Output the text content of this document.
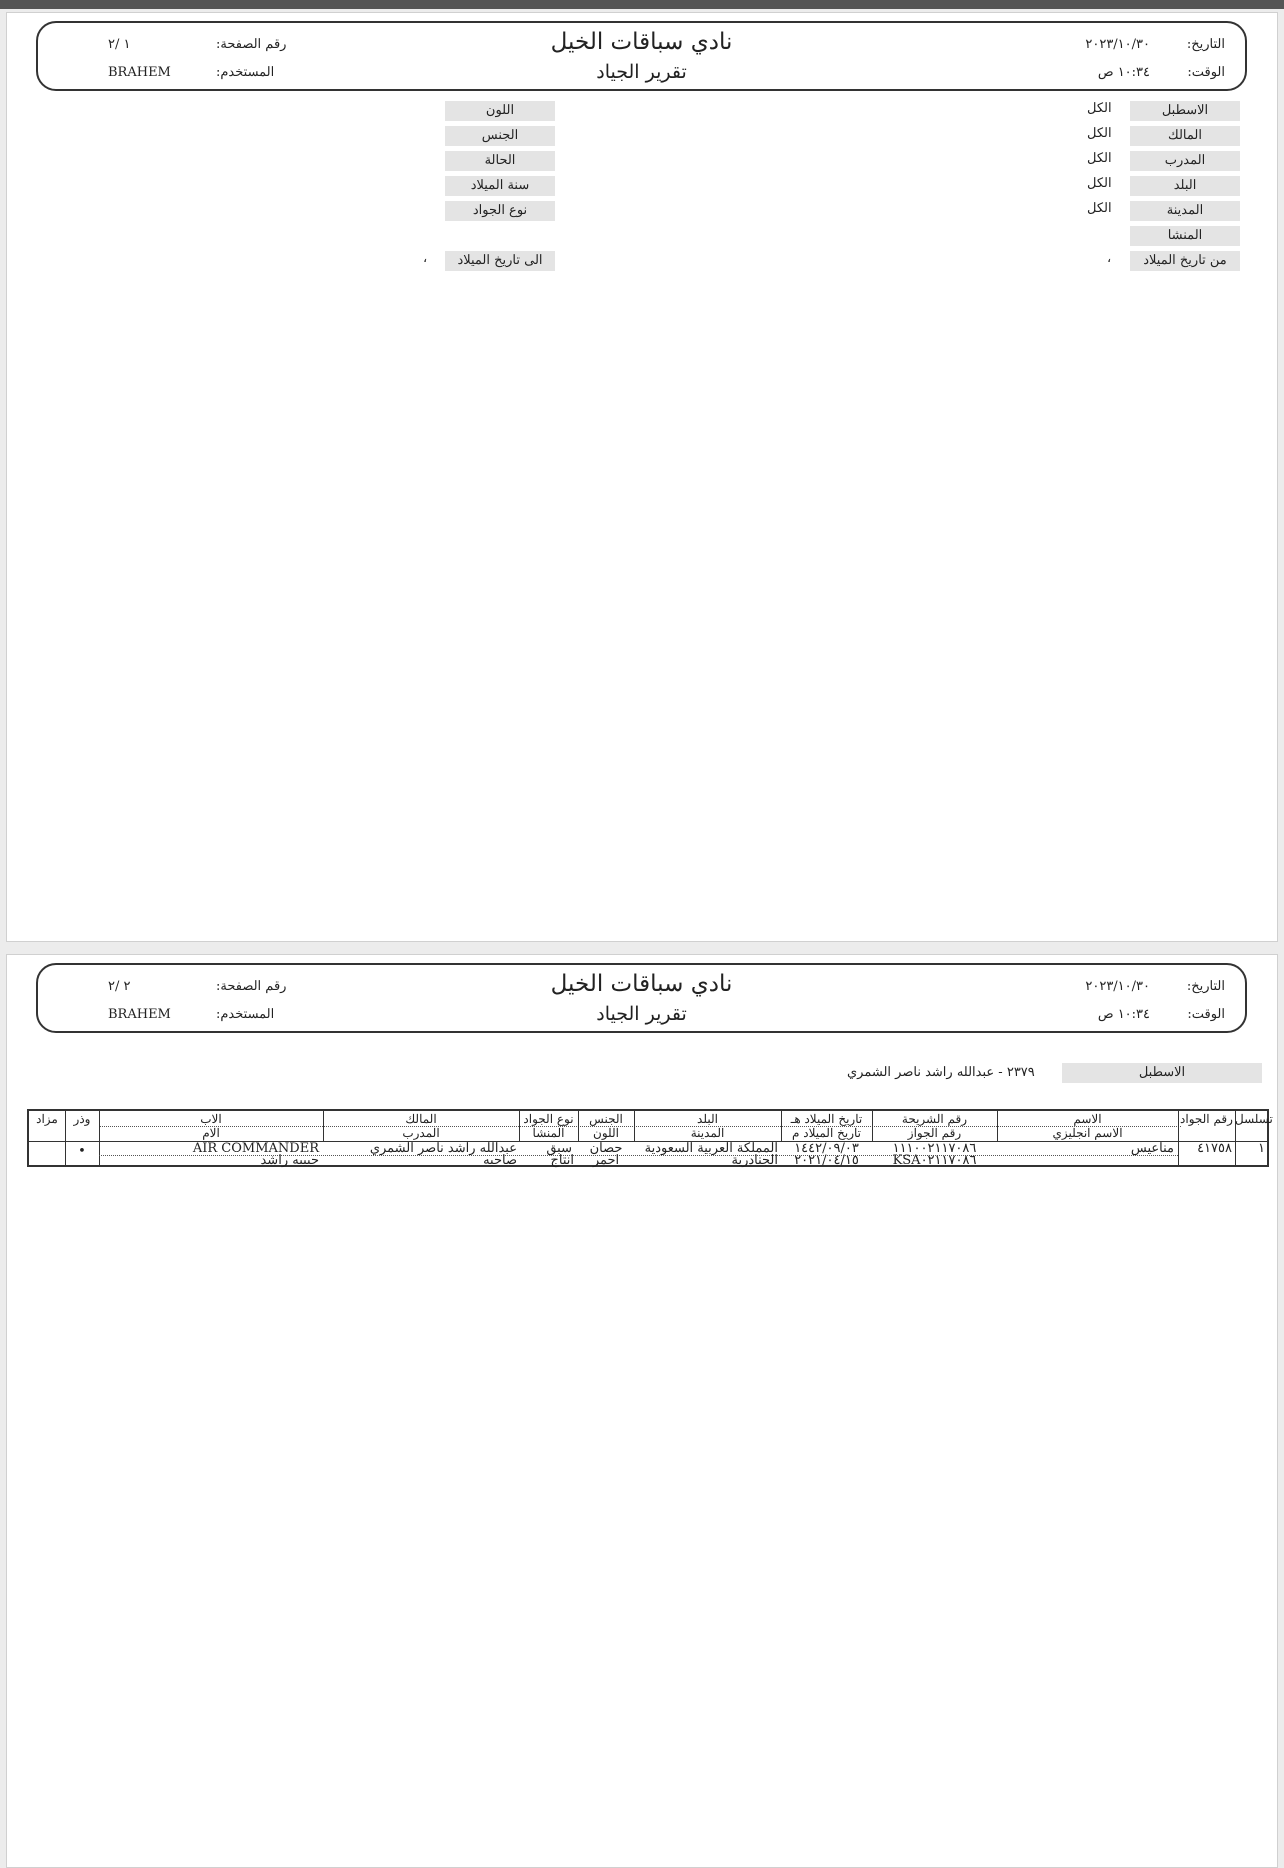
نادي سباقات الخيل
تقرير الجياد
التاريخ:
٢٠٢٣/١٠/٣٠
الوقت:
١٠:٣٤ ص
رقم الصفحة:
١ /٢
المستخدم:
BRAHEM
الاسطبل
الكل
المالك
الكل
المدرب
الكل
البلد
الكل
المدينة
الكل
المنشا
من تاريخ الميلاد
،
اللون
الجنس
الحالة
سنة الميلاد
نوع الجواد
الى تاريخ الميلاد
،
نادي سباقات الخيل
تقرير الجياد
التاريخ:
٢٠٢٣/١٠/٣٠
الوقت:
١٠:٣٤ ص
رقم الصفحة:
٢ /٢
المستخدم:
BRAHEM
الاسطبل
٢٣٧٩ - عبدالله راشد ناصر الشمري
تسلسل
رقم الجواد
الاسم
رقم الشريحة
تاريخ الميلاد هـ
البلد
الجنس
نوع الجواد
المالك
الاب
وذر
مزاد
الاسم انجليزي
رقم الجواز
تاريخ الميلاد م
المدينة
اللون
المنشا
المدرب
الام
١
٤١٧٥٨
مناعيس
١١١٠٠٢١١٧٠٨٦
١٤٤٢/٠٩/٠٣
المملكة العربية السعودية
حصان
سبق
عبدالله راشد ناصر الشمري
AIR COMMANDER
•
KSA٠٢١١٧٠٨٦
٢٠٢١/٠٤/١٥
الجنادرية
احمر
انتاج
صاحبه
حبيبه راشد
